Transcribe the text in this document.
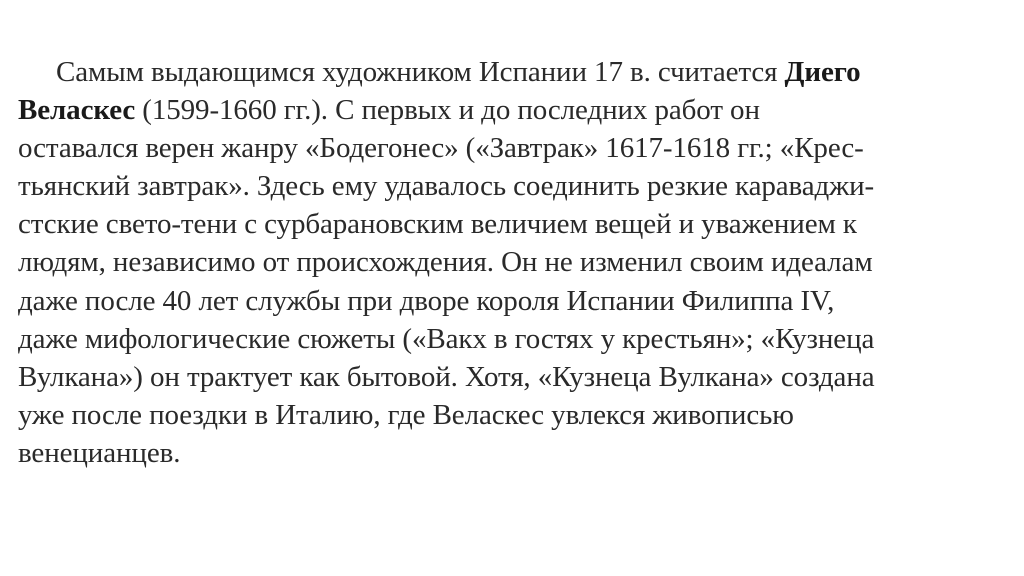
Самым выдающимся художником Испании 17 в. считается Диего
Веласкес (1599-1660 гг.). С первых и до последних работ он
оставался верен жанру «Бодегонес» («Завтрак» 1617-1618 гг.; «Крес-
тьянский завтрак». Здесь ему удавалось соединить резкие караваджи-
стские свето-тени с сурбарановским величием вещей и уважением к
людям, независимо от происхождения. Он не изменил своим идеалам
даже после 40 лет службы при дворе короля Испании Филиппа IV,
даже мифологические сюжеты («Вакх в гостях у крестьян»; «Кузнеца
Вулкана») он трактует как бытовой. Хотя, «Кузнеца Вулкана» создана
уже после поездки в Италию, где Веласкес увлекся живописью
венецианцев.
